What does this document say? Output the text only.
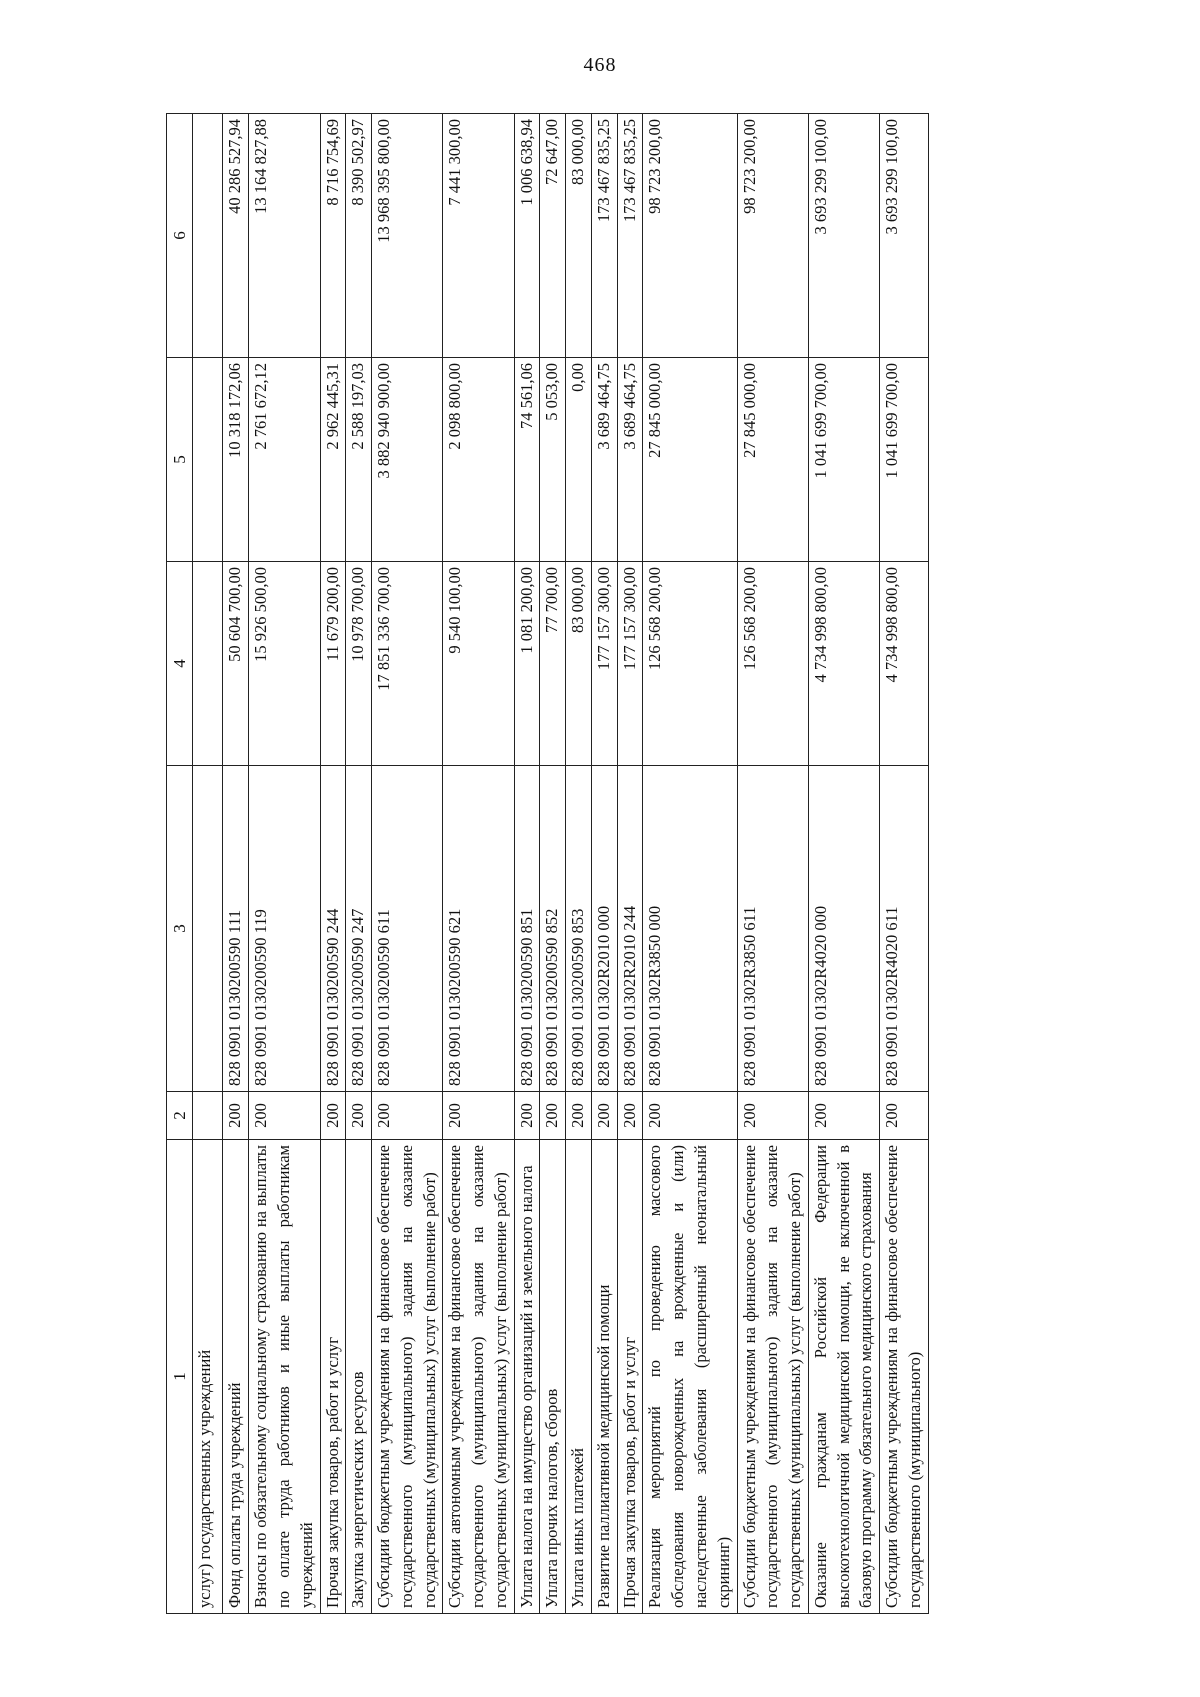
468
1	2	3	4	5	6
услуг) государственных учреждений					
Фонд оплаты труда учреждений	200	828 0901 0130200590 111	50 604 700,00	10 318 172,06	40 286 527,94
Взносы по обязательному социальному страхованию на выплаты по оплате труда работников и иные выплаты работникам учреждений	200	828 0901 0130200590 119	15 926 500,00	2 761 672,12	13 164 827,88
Прочая закупка товаров, работ и услуг	200	828 0901 0130200590 244	11 679 200,00	2 962 445,31	8 716 754,69
Закупка энергетических ресурсов	200	828 0901 0130200590 247	10 978 700,00	2 588 197,03	8 390 502,97
Субсидии бюджетным учреждениям на финансовое обеспечение государственного (муниципального) задания на оказание государственных (муниципальных) услуг (выполнение работ)	200	828 0901 0130200590 611	17 851 336 700,00	3 882 940 900,00	13 968 395 800,00
Субсидии автономным учреждениям на финансовое обеспечение государственного (муниципального) задания на оказание государственных (муниципальных) услуг (выполнение работ)	200	828 0901 0130200590 621	9 540 100,00	2 098 800,00	7 441 300,00
Уплата налога на имущество организаций и земельного налога	200	828 0901 0130200590 851	1 081 200,00	74 561,06	1 006 638,94
Уплата прочих налогов, сборов	200	828 0901 0130200590 852	77 700,00	5 053,00	72 647,00
Уплата иных платежей	200	828 0901 0130200590 853	83 000,00	0,00	83 000,00
Развитие паллиативной медицинской помощи	200	828 0901 01302R2010 000	177 157 300,00	3 689 464,75	173 467 835,25
Прочая закупка товаров, работ и услуг	200	828 0901 01302R2010 244	177 157 300,00	3 689 464,75	173 467 835,25
Реализация мероприятий по проведению массового обследования новорожденных на врожденные и (или) наследственные заболевания (расширенный неонатальный скрининг)	200	828 0901 01302R3850 000	126 568 200,00	27 845 000,00	98 723 200,00
Субсидии бюджетным учреждениям на финансовое обеспечение государственного (муниципального) задания на оказание государственных (муниципальных) услуг (выполнение работ)	200	828 0901 01302R3850 611	126 568 200,00	27 845 000,00	98 723 200,00
Оказание гражданам Российской Федерации высокотехнологичной медицинской помощи, не включенной в базовую программу обязательного медицинского страхования	200	828 0901 01302R4020 000	4 734 998 800,00	1 041 699 700,00	3 693 299 100,00
Субсидии бюджетным учреждениям на финансовое обеспечение государственного (муниципального)	200	828 0901 01302R4020 611	4 734 998 800,00	1 041 699 700,00	3 693 299 100,00
